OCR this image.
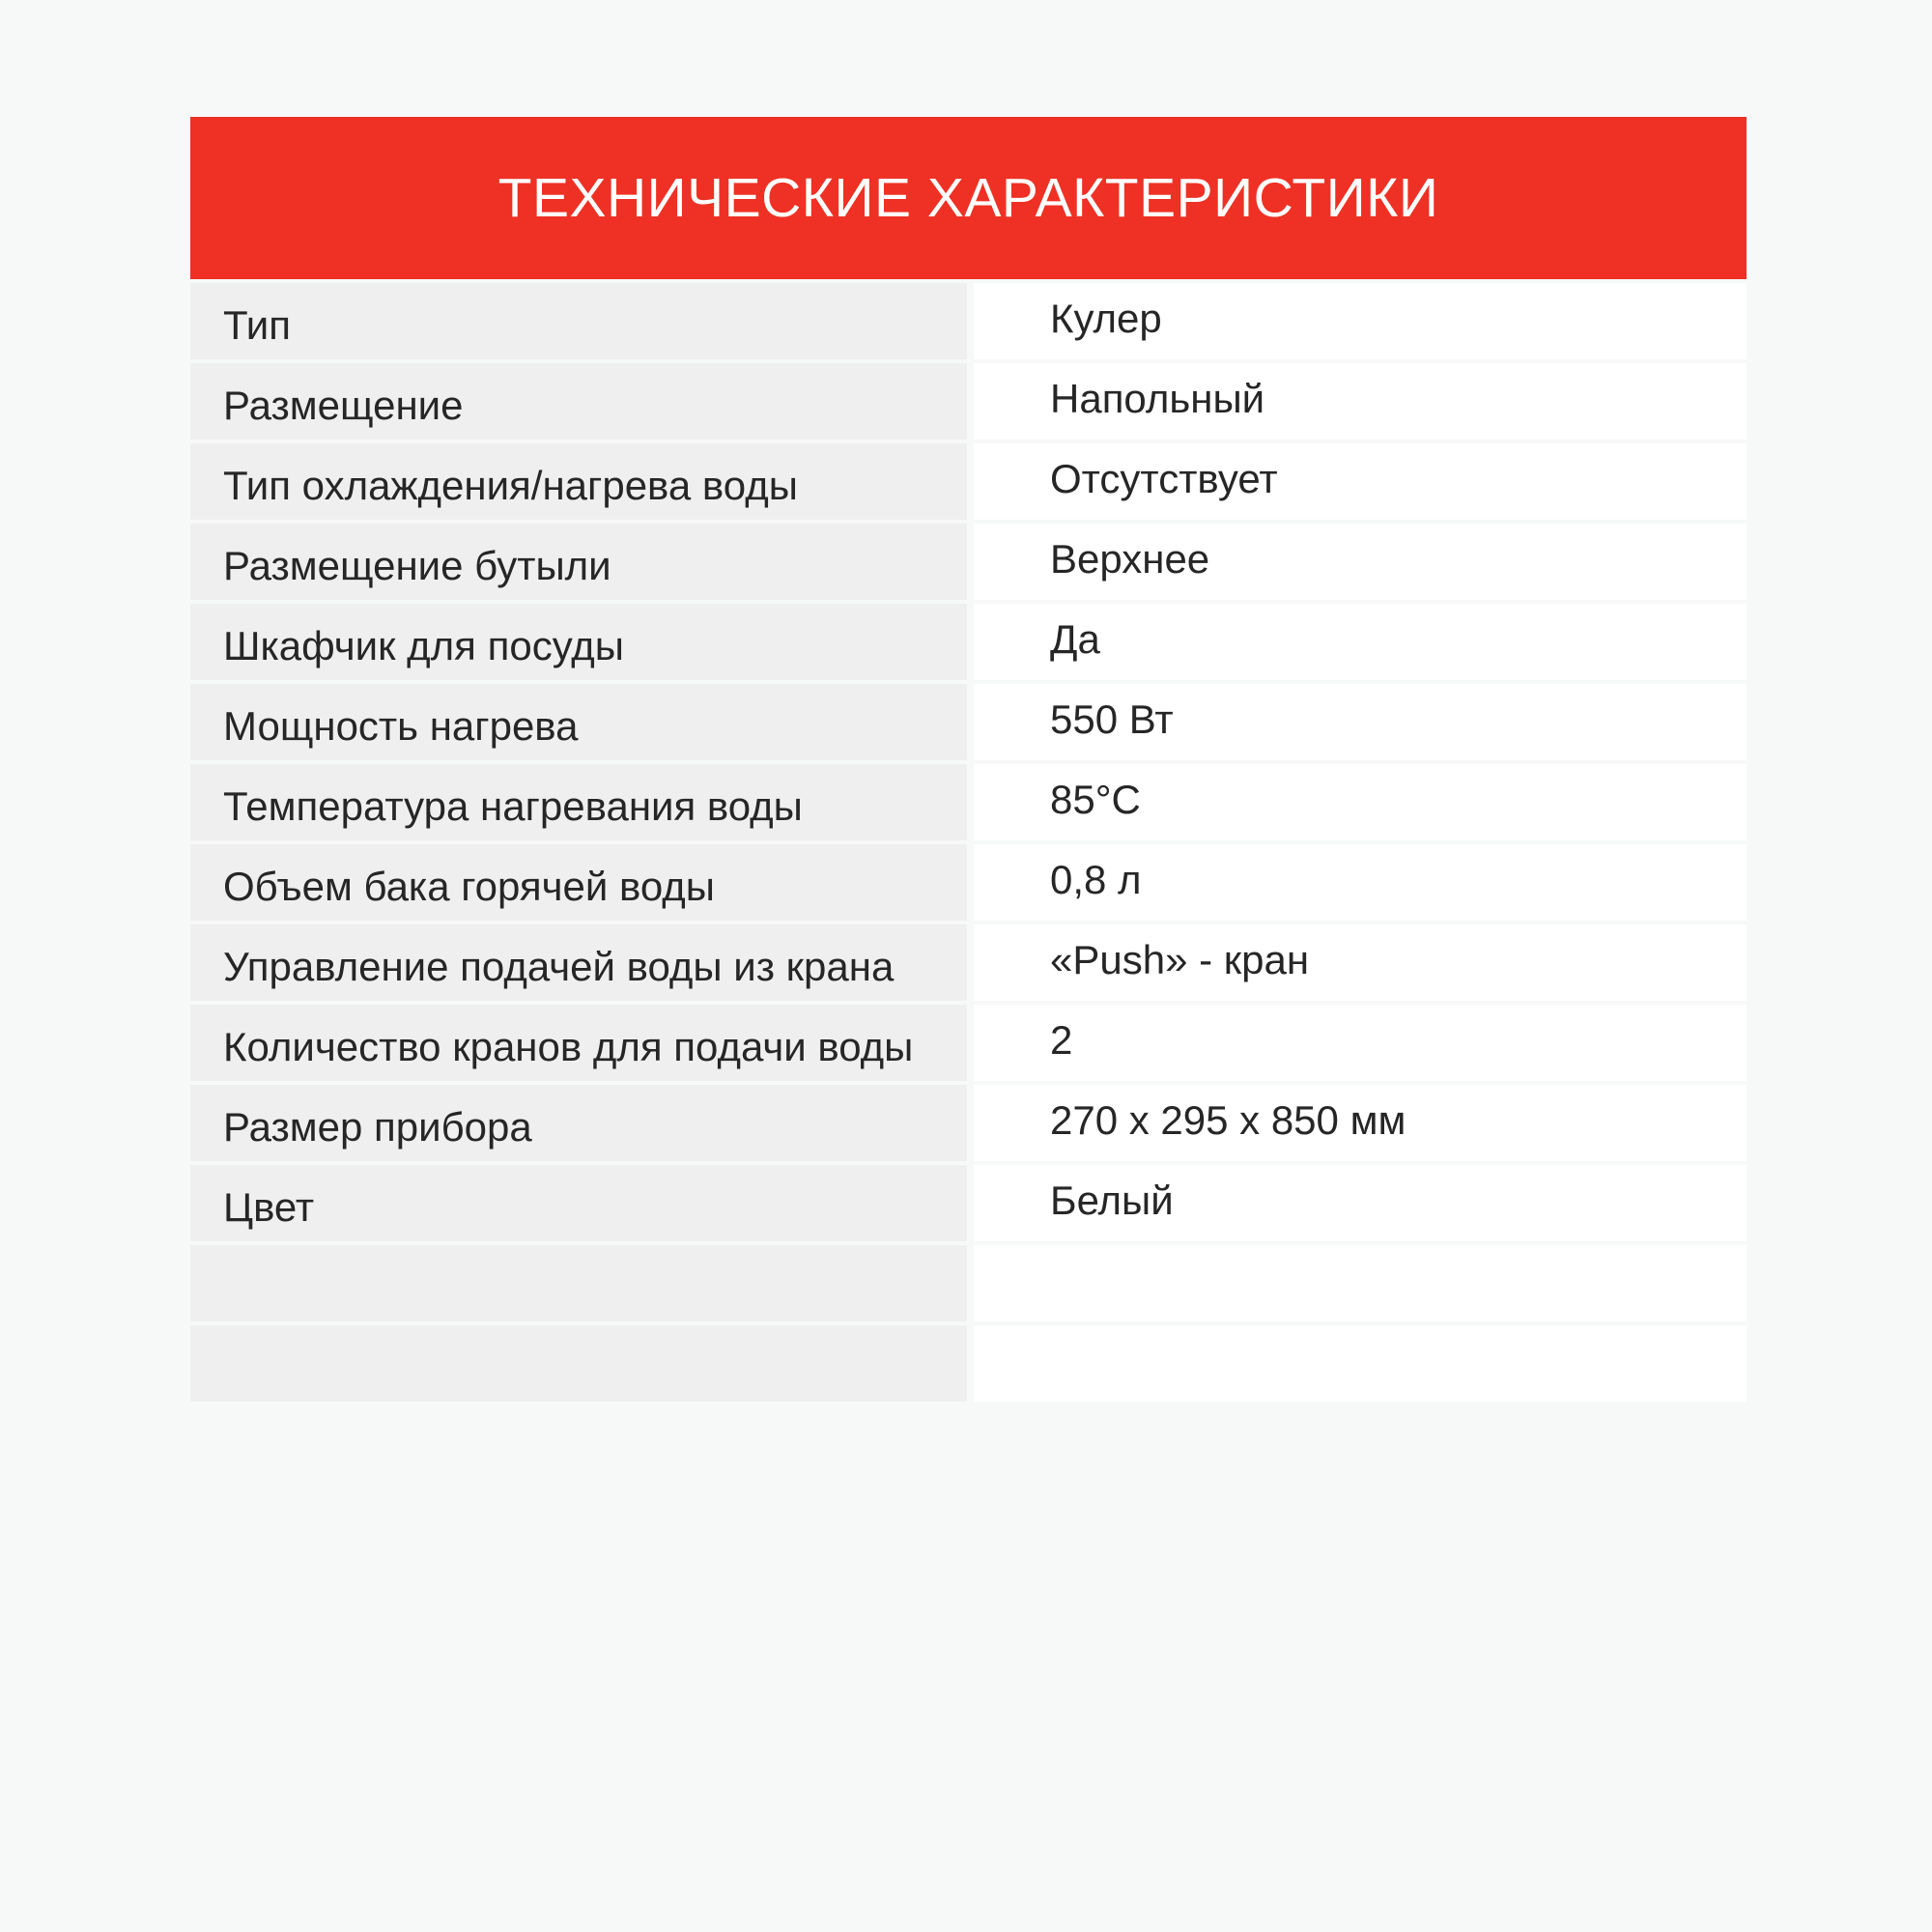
ТЕХНИЧЕСКИЕ ХАРАКТЕРИСТИКИ
Тип	Кулер
Размещение	Напольный
Тип охлаждения/нагрева воды	Отсутствует
Размещение бутыли	Верхнее
Шкафчик для посуды	Да
Мощность нагрева	550 Вт
Температура нагревания воды	85°C
Объем бака горячей воды	0,8 л
Управление подачей воды из крана	«Push» - кран
Количество кранов для подачи воды	2
Размер прибора	270 х 295 х 850 мм
Цвет	Белый
